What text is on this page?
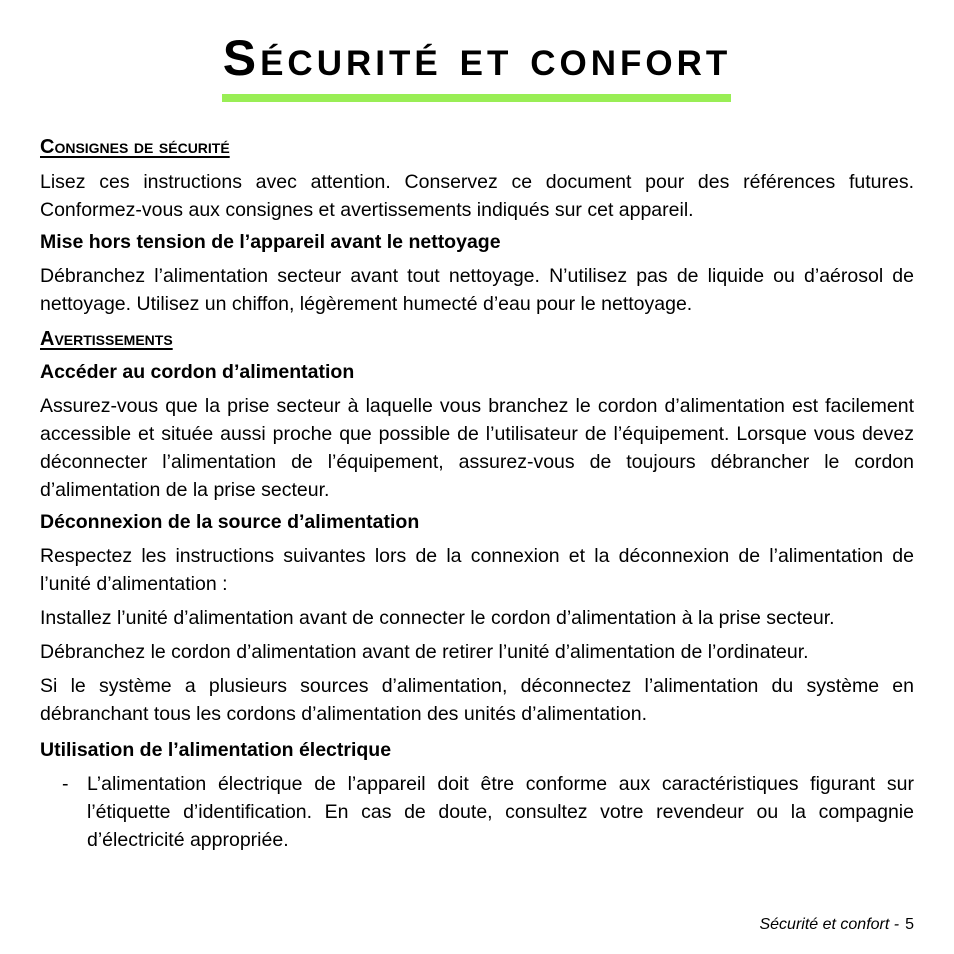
Sécurité et confort
Consignes de sécurité

Lisez ces instructions avec attention. Conservez ce document pour des références futures. Conformez-vous aux consignes et avertissements indiqués sur cet appareil.

Mise hors tension de l’appareil avant le nettoyage

Débranchez l’alimentation secteur avant tout nettoyage. N’utilisez pas de liquide ou d’aérosol de nettoyage. Utilisez un chiffon, légèrement humecté d’eau pour le nettoyage.

Avertissements
Accéder au cordon d’alimentation

Assurez-vous que la prise secteur à laquelle vous branchez le cordon d’alimentation est facilement accessible et située aussi proche que possible de l’utilisateur de l’équipement. Lorsque vous devez déconnecter l’alimentation de l’équipement, assurez-vous de toujours débrancher le cordon d’alimentation de la prise secteur.

Déconnexion de la source d’alimentation

Respectez les instructions suivantes lors de la connexion et la déconnexion de l’alimentation de l’unité d’alimentation :

Installez l’unité d’alimentation avant de connecter le cordon d’alimentation à la prise secteur.

Débranchez le cordon d’alimentation avant de retirer l’unité d’alimentation de l’ordinateur.

Si le système a plusieurs sources d’alimentation, déconnectez l’alimentation du système en débranchant tous les cordons d’alimentation des unités d’alimentation.

Utilisation de l’alimentation électrique

- L’alimentation électrique de l’appareil doit être conforme aux caractéristiques figurant sur l’étiquette d’identification. En cas de doute, consultez votre revendeur ou la compagnie d’électricité appropriée.

Sécurité et confort - 5
